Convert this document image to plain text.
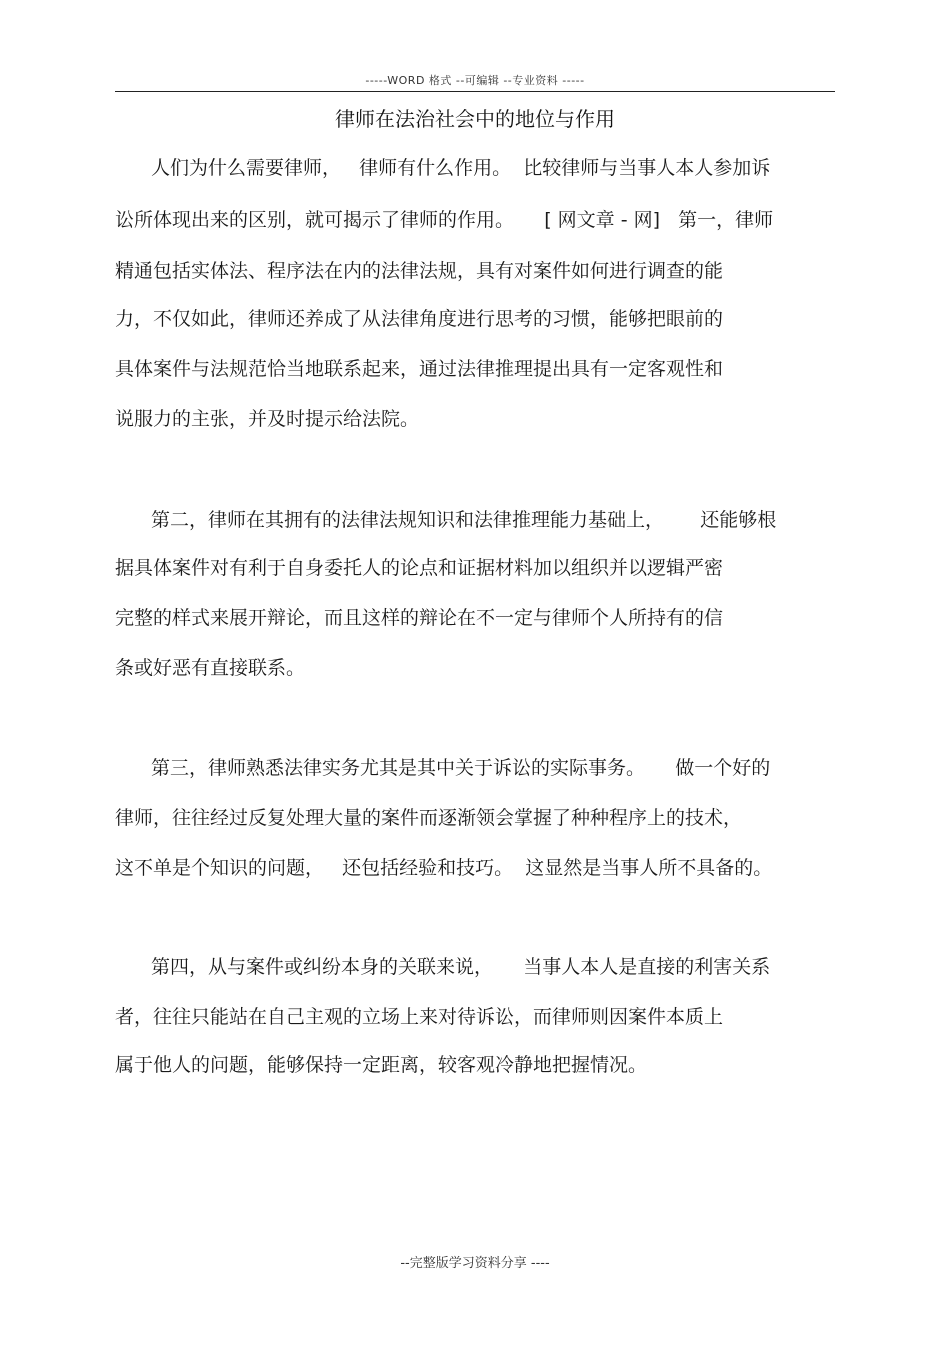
-----WORD 格式 --可编辑 --专业资料 -----
律师在法治社会中的地位与作用
人们为什么需要律师，   律师有什么作用。  比较律师与当事人本人参加诉
讼所体现出来的区别，就可揭示了律师的作用。     [ 网文章 - 网]   第一，律师
精通包括实体法、程序法在内的法律法规，具有对案件如何进行调查的能
力，不仅如此，律师还养成了从法律角度进行思考的习惯，能够把眼前的
具体案件与法规范恰当地联系起来，通过法律推理提出具有一定客观性和
说服力的主张，并及时提示给法院。
第二，律师在其拥有的法律法规知识和法律推理能力基础上，      还能够根
据具体案件对有利于自身委托人的论点和证据材料加以组织并以逻辑严密
完整的样式来展开辩论，而且这样的辩论在不一定与律师个人所持有的信
条或好恶有直接联系。
第三，律师熟悉法律实务尤其是其中关于诉讼的实际事务。     做一个好的
律师，往往经过反复处理大量的案件而逐渐领会掌握了种种程序上的技术，
这不单是个知识的问题，   还包括经验和技巧。  这显然是当事人所不具备的。
第四，从与案件或纠纷本身的关联来说，     当事人本人是直接的利害关系
者，往往只能站在自己主观的立场上来对待诉讼，而律师则因案件本质上
属于他人的问题，能够保持一定距离，较客观冷静地把握情况。
--完整版学习资料分享 ----
